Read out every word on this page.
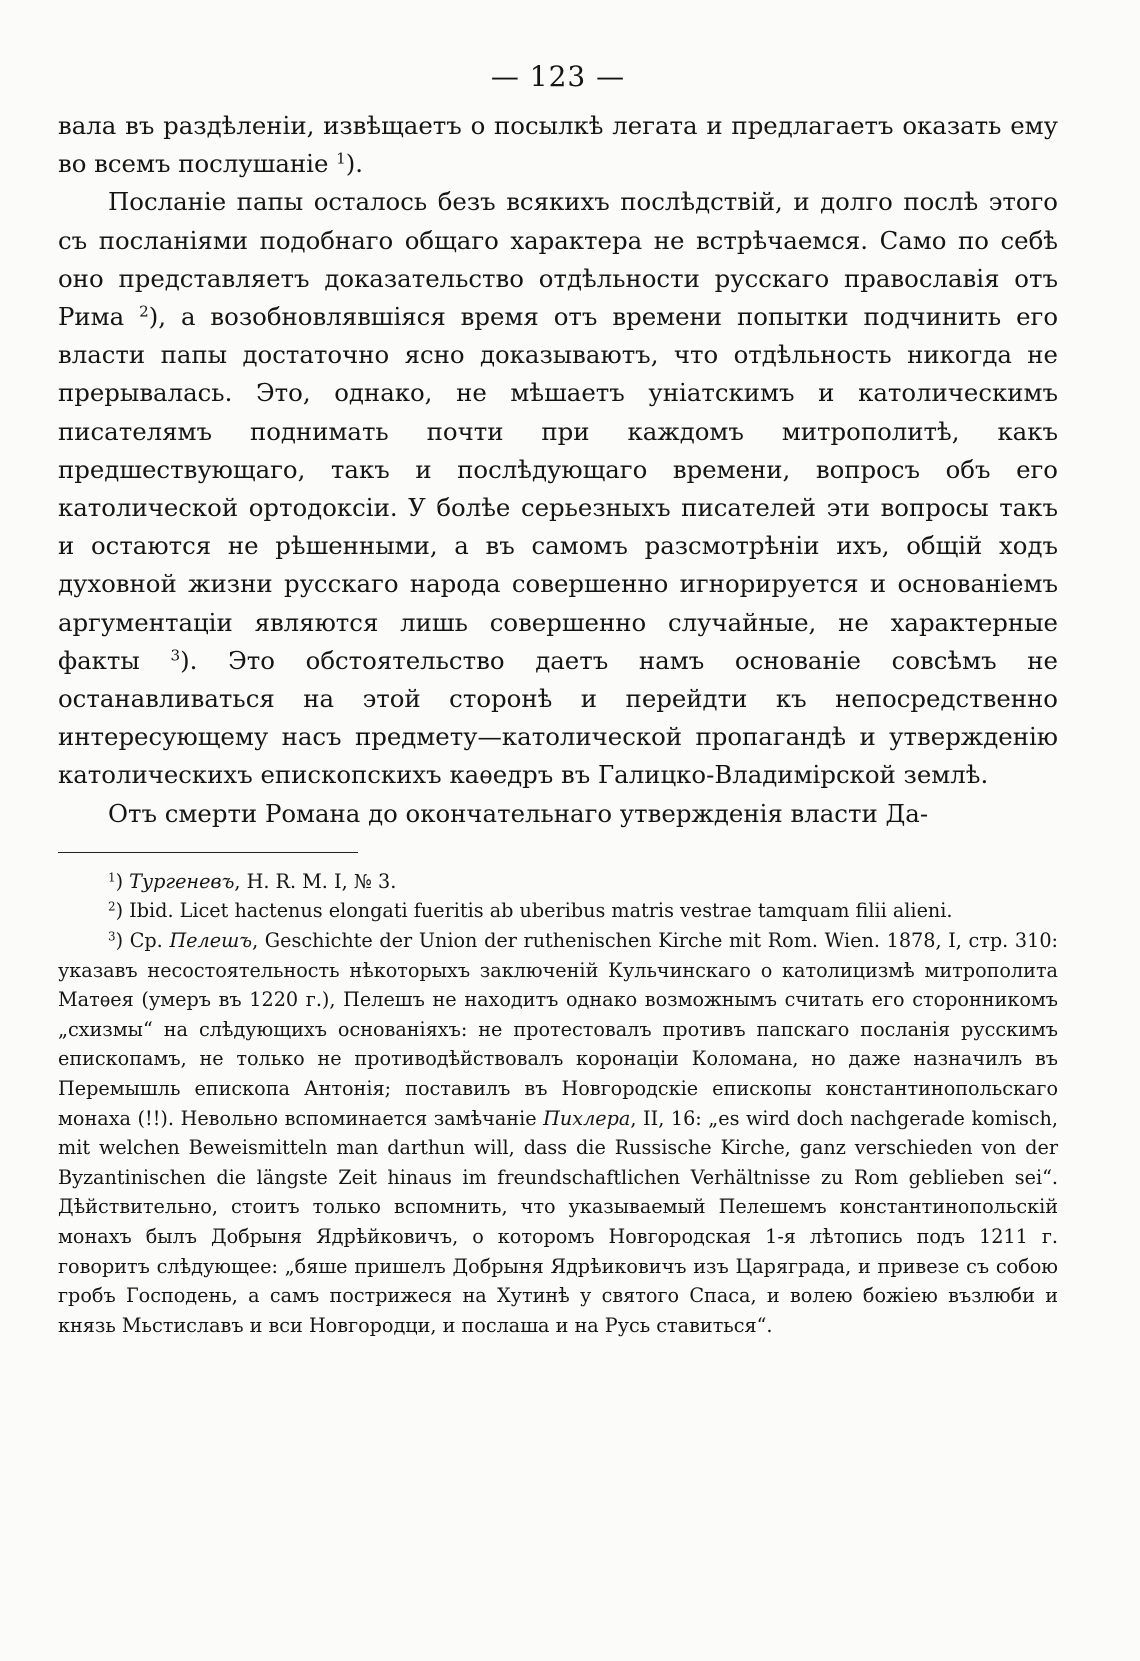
— 123 —

вала въ раздѣленіи, извѣщаетъ о посылкѣ легата и предлагаетъ оказать ему во всемъ послушаніе $^1$).

Посланіе папы осталось безъ всякихъ послѣдствій, и долго послѣ этого съ посланіями подобнаго общаго характера не встрѣчаемся. Само по себѣ оно представляетъ доказательство отдѣльности русскаго православія отъ Рима $^2$), а возобновлявшіяся время отъ времени попытки подчинить его власти папы достаточно ясно доказываютъ, что отдѣльность никогда не прерывалась. Это, однако, не мѣшаетъ уніатскимъ и католическимъ писателямъ поднимать почти при каждомъ митрополитѣ, какъ предшествующаго, такъ и послѣдующаго времени, вопросъ объ его католической ортодоксіи. У болѣе серьезныхъ писателей эти вопросы такъ и остаются не рѣшенными, а въ самомъ разсмотрѣніи ихъ, общій ходъ духовной жизни русскаго народа совершенно игнорируется и основаніемъ аргументаціи являются лишь совершенно случайные, не характерные факты $^3$). Это обстоятельство даетъ намъ основаніе совсѣмъ не останавливаться на этой сторонѣ и перейдти къ непосредственно интересующему насъ предмету—католической пропагандѣ и утвержденію католическихъ епископскихъ каѳедръ въ Галицко-Владимірской землѣ.

Отъ смерти Романа до окончательнаго утвержденія власти Да-

$^1$) Тургеневъ, H. R. M. I, № 3.

$^2$) Ibid. Licet hactenus elongati fueritis ab uberibus matris vestrae tamquam filii alieni.

$^3$) Ср. Пелешъ, Geschichte der Union der ruthenischen Kirche mit Rom. Wien. 1878, I, стр. 310: указавъ несостоятельность нѣкоторыхъ заключеній Кульчинскаго о католицизмѣ митрополита Матѳея (умеръ въ 1220 г.), Пелешъ не находитъ однако возможнымъ считать его сторонникомъ „схизмы“ на слѣдующихъ основаніяхъ: не протестовалъ противъ папскаго посланія русскимъ епископамъ, не только не противодѣйствовалъ коронаціи Коломана, но даже назначилъ въ Перемышль епископа Антонія; поставилъ въ Новгородскіе епископы константинопольскаго монаха (!!). Невольно вспоминается замѣчаніе Пихлера, II, 16: „es wird doch nachgerade komisch, mit welchen Beweismitteln man darthun will, dass die Russische Kirche, ganz verschieden von der Byzantinischen die längste Zeit hinaus im freundschaftlichen Verhältnisse zu Rom geblieben sei“. Дѣйствительно, стоитъ только вспомнить, что указываемый Пелешемъ константинопольскій монахъ былъ Добрыня Ядрѣйковичъ, о которомъ Новгородская 1-я лѣтопись подъ 1211 г. говоритъ слѣдующее: „бяше пришелъ Добрыня Ядрѣиковичъ изъ Царяграда, и привезе съ собою гробъ Господень, а самъ пострижеся на Хутинѣ у святого Спаса, и волею божіею възлюби и князь Мьстиславъ и вси Новгородци, и послаша и на Русь ставиться“.
